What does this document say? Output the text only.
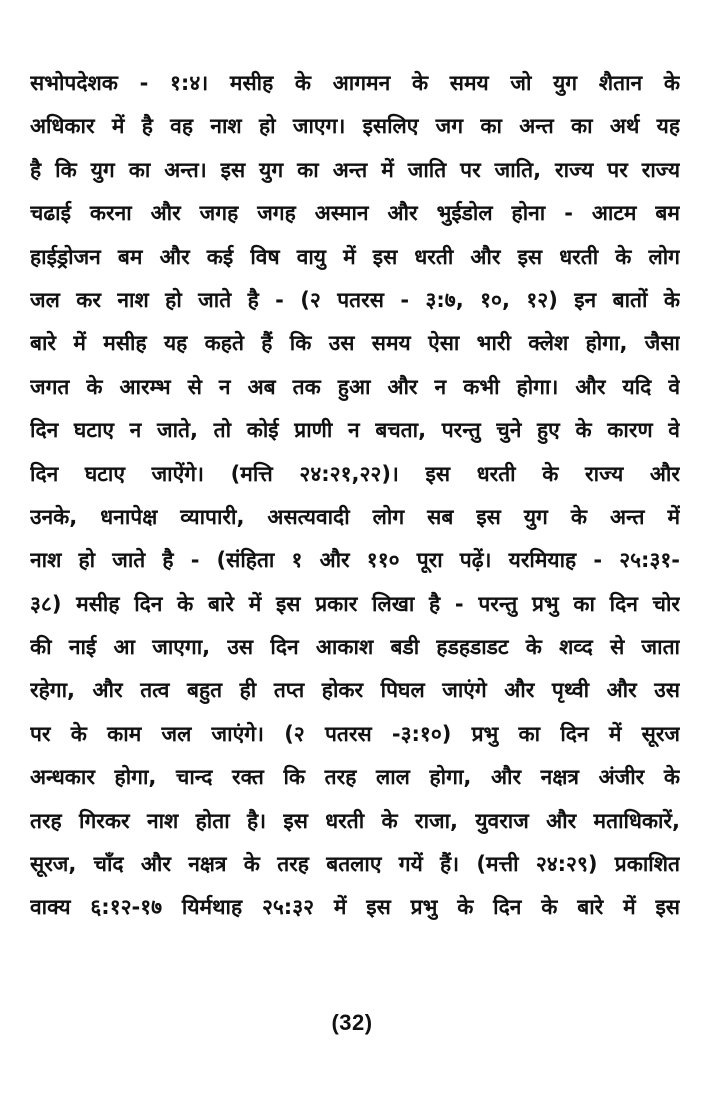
सभोपदेशक - १:४। मसीह के आगमन के समय जो युग शैतान के
अधिकार में है वह नाश हो जाएग। इसलिए जग का अन्त का अर्थ यह
है कि युग का अन्त। इस युग का अन्त में जाति पर जाति, राज्य पर राज्य
चढाई करना और जगह जगह अस्मान और भुईडोल होना - आटम बम
हाईड्रोजन बम और कई विष वायु में इस धरती और इस धरती के लोग
जल कर नाश हो जाते है - (२ पतरस - ३:७, १०, १२) इन बातों के
बारे में मसीह यह कहते हैं कि उस समय ऐसा भारी क्लेश होगा, जैसा
जगत के आरम्भ से न अब तक हुआ और न कभी होगा। और यदि वे
दिन घटाए न जाते, तो कोई प्राणी न बचता, परन्तु चुने हुए के कारण वे
दिन घटाए जाऐंगे। (मत्ति २४:२१,२२)। इस धरती के राज्य और
उनके, धनापेक्ष व्यापारी, असत्यवादी लोग सब इस युग के अन्त में
नाश हो जाते है - (संहिता १ और ११० पूरा पढ़ें। यरमियाह - २५:३१-
३८) मसीह दिन के बारे में इस प्रकार लिखा है - परन्तु प्रभु का दिन चोर
की नाई आ जाएगा, उस दिन आकाश बडी हडहडाडट के शव्द से जाता
रहेगा, और तत्व बहुत ही तप्त होकर पिघल जाएंगे और पृथ्वी और उस
पर के काम जल जाएंगे। (२ पतरस -३:१०) प्रभु का दिन में सूरज
अन्धकार होगा, चान्द रक्त कि तरह लाल होगा, और नक्षत्र अंजीर के
तरह गिरकर नाश होता है। इस धरती के राजा, युवराज और मताधिकारें,
सूरज, चाँद और नक्षत्र के तरह बतलाए गयें हैं। (मत्ती २४:२९) प्रकाशित
वाक्य ६:१२-१७ यिर्मथाह २५:३२ में इस प्रभु के दिन के बारे में इस
(32)
